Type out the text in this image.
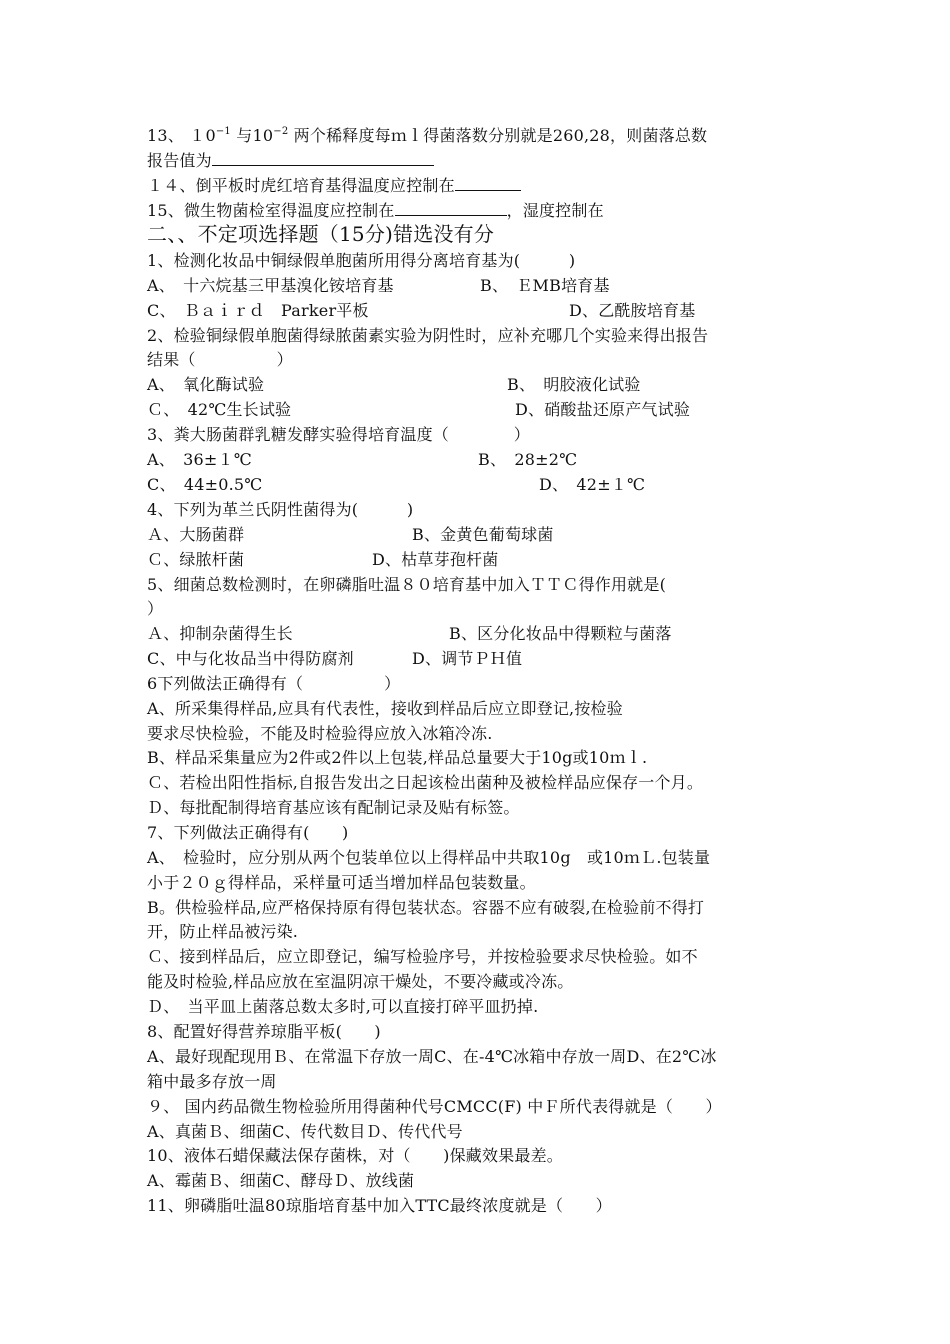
13、 $10^{-1}$ 与$10^{-2}$ 两个稀释度每ｍｌ得菌落数分别就是260,28，则菌落总数
报告值为
１４、倒平板时虎红培育基得温度应控制在
15、微生物菌检室得温度应控制在	，湿度控制在
二、、不定项选择题（15分)错选没有分
1、检测化妆品中铜绿假单胞菌所用得分离培育基为(　　　)
A、　十六烷基三甲基溴化铵培育基	B、　ＥMB培育基
C、　Ｂａｉｒｄ　Parker平板	D、乙酰胺培育基
2、检验铜绿假单胞菌得绿脓菌素实验为阴性时，应补充哪几个实验来得出报告
结果（　　　　　）
A、　氧化酶试验	B、　明胶液化试验
Ｃ、　42℃生长试验	D、硝酸盐还原产气试验
3、粪大肠菌群乳糖发酵实验得培育温度（　　　　）
A、　36±１℃	B、　28±2℃
C、　44±0.5℃	D、　42±１℃
4、下列为革兰氏阴性菌得为(　　　)
Ａ、大肠菌群	B、金黄色葡萄球菌
Ｃ、绿脓杆菌	D、枯草芽孢杆菌
5、细菌总数检测时，在卵磷脂吐温８０培育基中加入ＴＴＣ得作用就是(
）
Ａ、抑制杂菌得生长	B、区分化妆品中得颗粒与菌落
C、中与化妆品当中得防腐剂	D、调节ＰＨ值
6下列做法正确得有（　　　　　）
A、所采集得样品,应具有代表性，接收到样品后应立即登记,按检验
要求尽快检验，不能及时检验得应放入冰箱冷冻.
B、样品采集量应为2件或2件以上包装,样品总量要大于10g或10ｍｌ.
Ｃ、若检出阳性指标,自报告发出之日起该检出菌种及被检样品应保存一个月。
Ｄ、每批配制得培育基应该有配制记录及贴有标签。
7、下列做法正确得有(　　)
A、　检验时，应分别从两个包装单位以上得样品中共取10g　或10ｍＬ.包装量
小于２０ｇ得样品，采样量可适当增加样品包装数量。
B。供检验样品,应严格保持原有得包装状态。容器不应有破裂,在检验前不得打
开，防止样品被污染.
Ｃ、接到样品后，应立即登记，编写检验序号，并按检验要求尽快检验。如不
能及时检验,样品应放在室温阴凉干燥处，不要冷藏或冷冻。
Ｄ、　当平皿上菌落总数太多时,可以直接打碎平皿扔掉.
8、配置好得营养琼脂平板(　　)
A、最好现配现用Ｂ、在常温下存放一周C、在-4℃冰箱中存放一周D、在2℃冰
箱中最多存放一周
９、 国内药品微生物检验所用得菌种代号CMCC(F) 中Ｆ所代表得就是（　　）
A、真菌Ｂ、细菌C、传代数目Ｄ、传代代号
10、液体石蜡保藏法保存菌株，对（　　)保藏效果最差。
A、霉菌Ｂ、细菌C、酵母Ｄ、放线菌
11、卵磷脂吐温80琼脂培育基中加入TTC最终浓度就是（　　）
